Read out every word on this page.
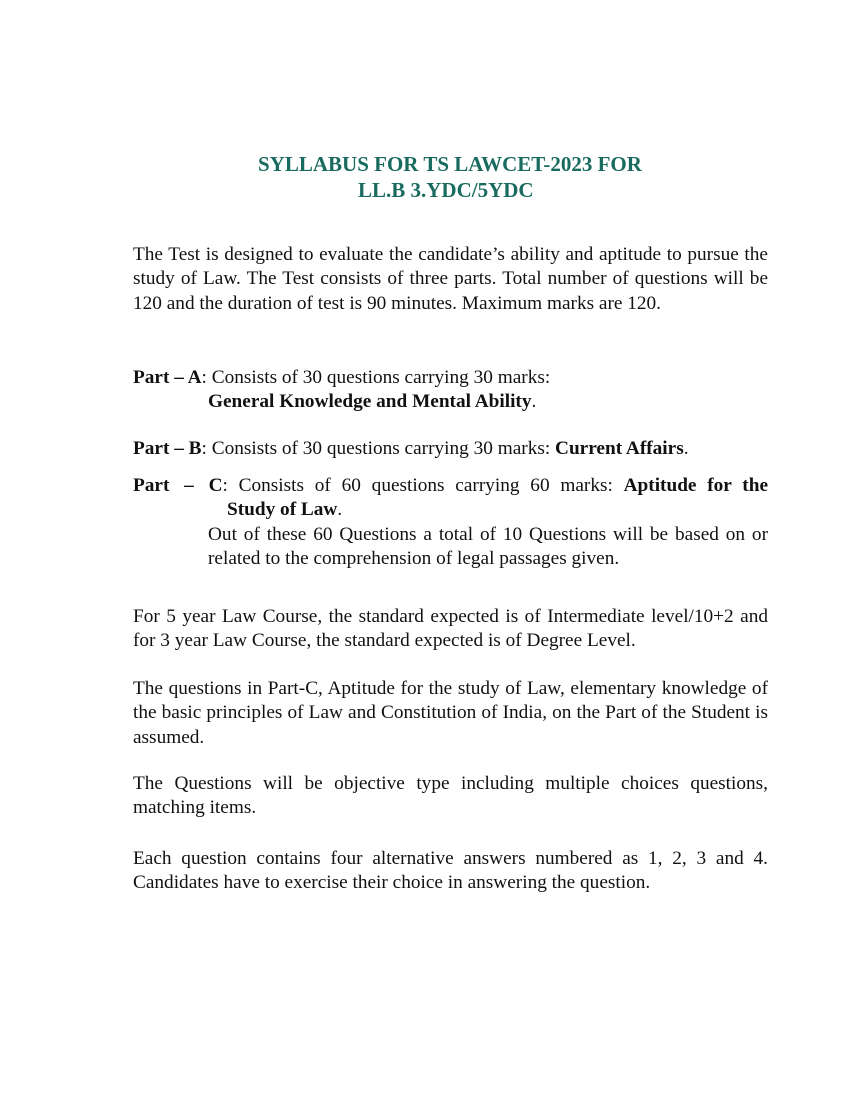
SYLLABUS FOR TS LAWCET-2023 FOR
LL.B 3.YDC/5YDC

The Test is designed to evaluate the candidate’s ability and aptitude to pursue the study of Law. The Test consists of three parts. Total number of questions will be 120 and the duration of test is 90 minutes. Maximum marks are 120.

Part – A: Consists of 30 questions carrying 30 marks:

General Knowledge and Mental Ability.

Part – B: Consists of 30 questions carrying 30 marks: Current Affairs.

Part – C: Consists of 60 questions carrying 60 marks: Aptitude for the

Study of Law.

Out of these 60 Questions a total of 10 Questions will be based on or related to the comprehension of legal passages given.

For 5 year Law Course, the standard expected is of Intermediate level/10+2 and for 3 year Law Course, the standard expected is of Degree Level.

The questions in Part-C, Aptitude for the study of Law, elementary knowledge of the basic principles of Law and Constitution of India, on the Part of the Student is assumed.

The Questions will be objective type including multiple choices questions, matching items.

Each question contains four alternative answers numbered as 1, 2, 3 and 4. Candidates have to exercise their choice in answering the question.
